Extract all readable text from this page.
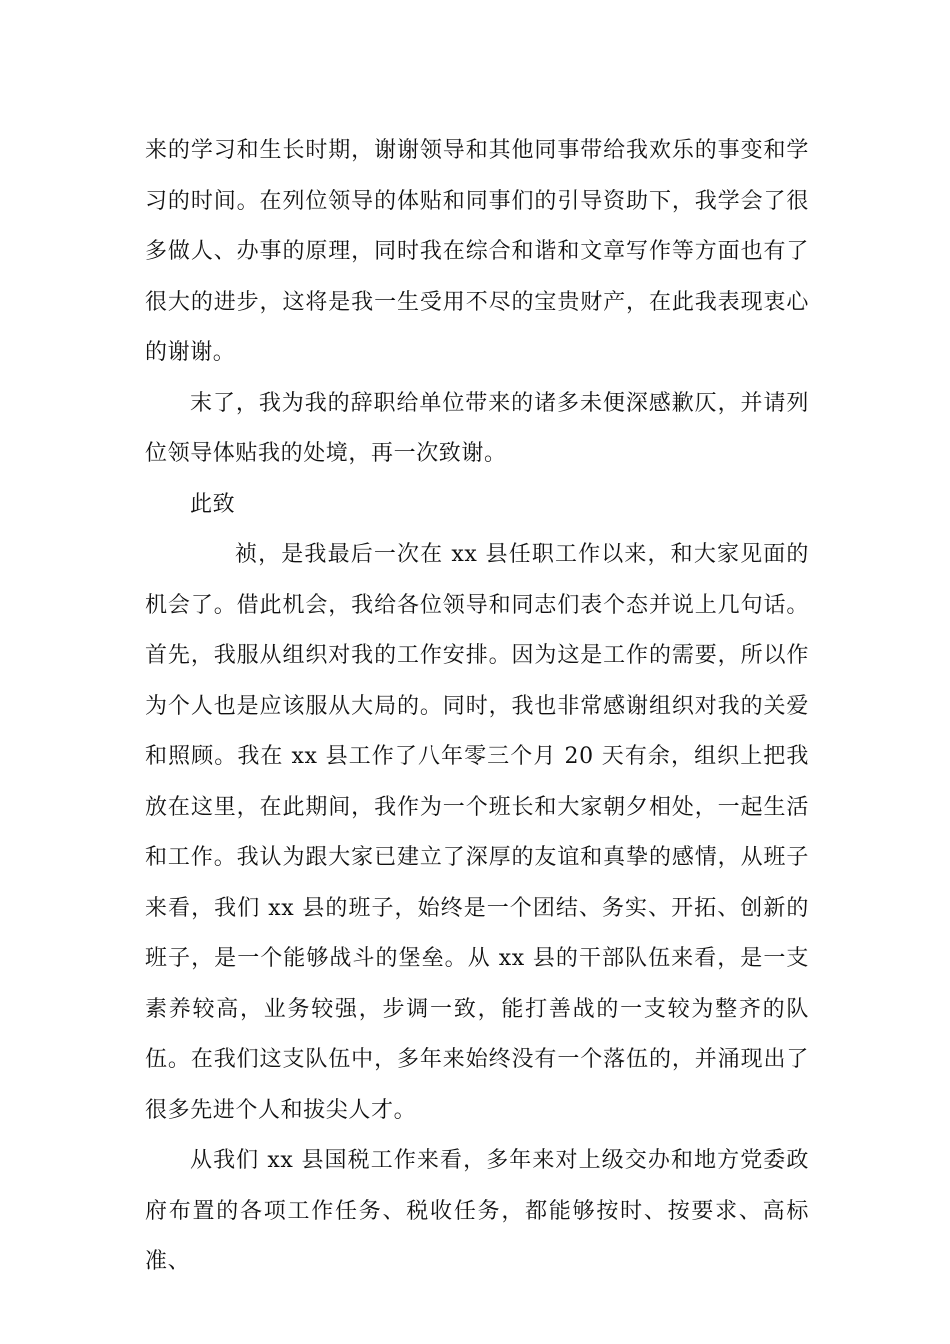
来的学习和生长时期，谢谢领导和其他同事带给我欢乐的事变和学习的时间。在列位领导的体贴和同事们的引导资助下，我学会了很多做人、办事的原理，同时我在综合和谐和文章写作等方面也有了很大的进步，这将是我一生受用不尽的宝贵财产，在此我表现衷心的谢谢。

末了，我为我的辞职给单位带来的诸多未便深感歉仄，并请列位领导体贴我的处境，再一次致谢。

此致

祯，是我最后一次在 xx 县任职工作以来，和大家见面的机会了。借此机会，我给各位领导和同志们表个态并说上几句话。首先，我服从组织对我的工作安排。因为这是工作的需要，所以作为个人也是应该服从大局的。同时，我也非常感谢组织对我的关爱和照顾。我在 xx 县工作了八年零三个月 20 天有余，组织上把我放在这里，在此期间，我作为一个班长和大家朝夕相处，一起生活和工作。我认为跟大家已建立了深厚的友谊和真挚的感情，从班子来看，我们 xx 县的班子，始终是一个团结、务实、开拓、创新的班子，是一个能够战斗的堡垒。从 xx 县的干部队伍来看，是一支素养较高，业务较强，步调一致，能打善战的一支较为整齐的队伍。在我们这支队伍中，多年来始终没有一个落伍的，并涌现出了很多先进个人和拔尖人才。

从我们 xx 县国税工作来看，多年来对上级交办和地方党委政府布置的各项工作任务、税收任务，都能够按时、按要求、高标准、
